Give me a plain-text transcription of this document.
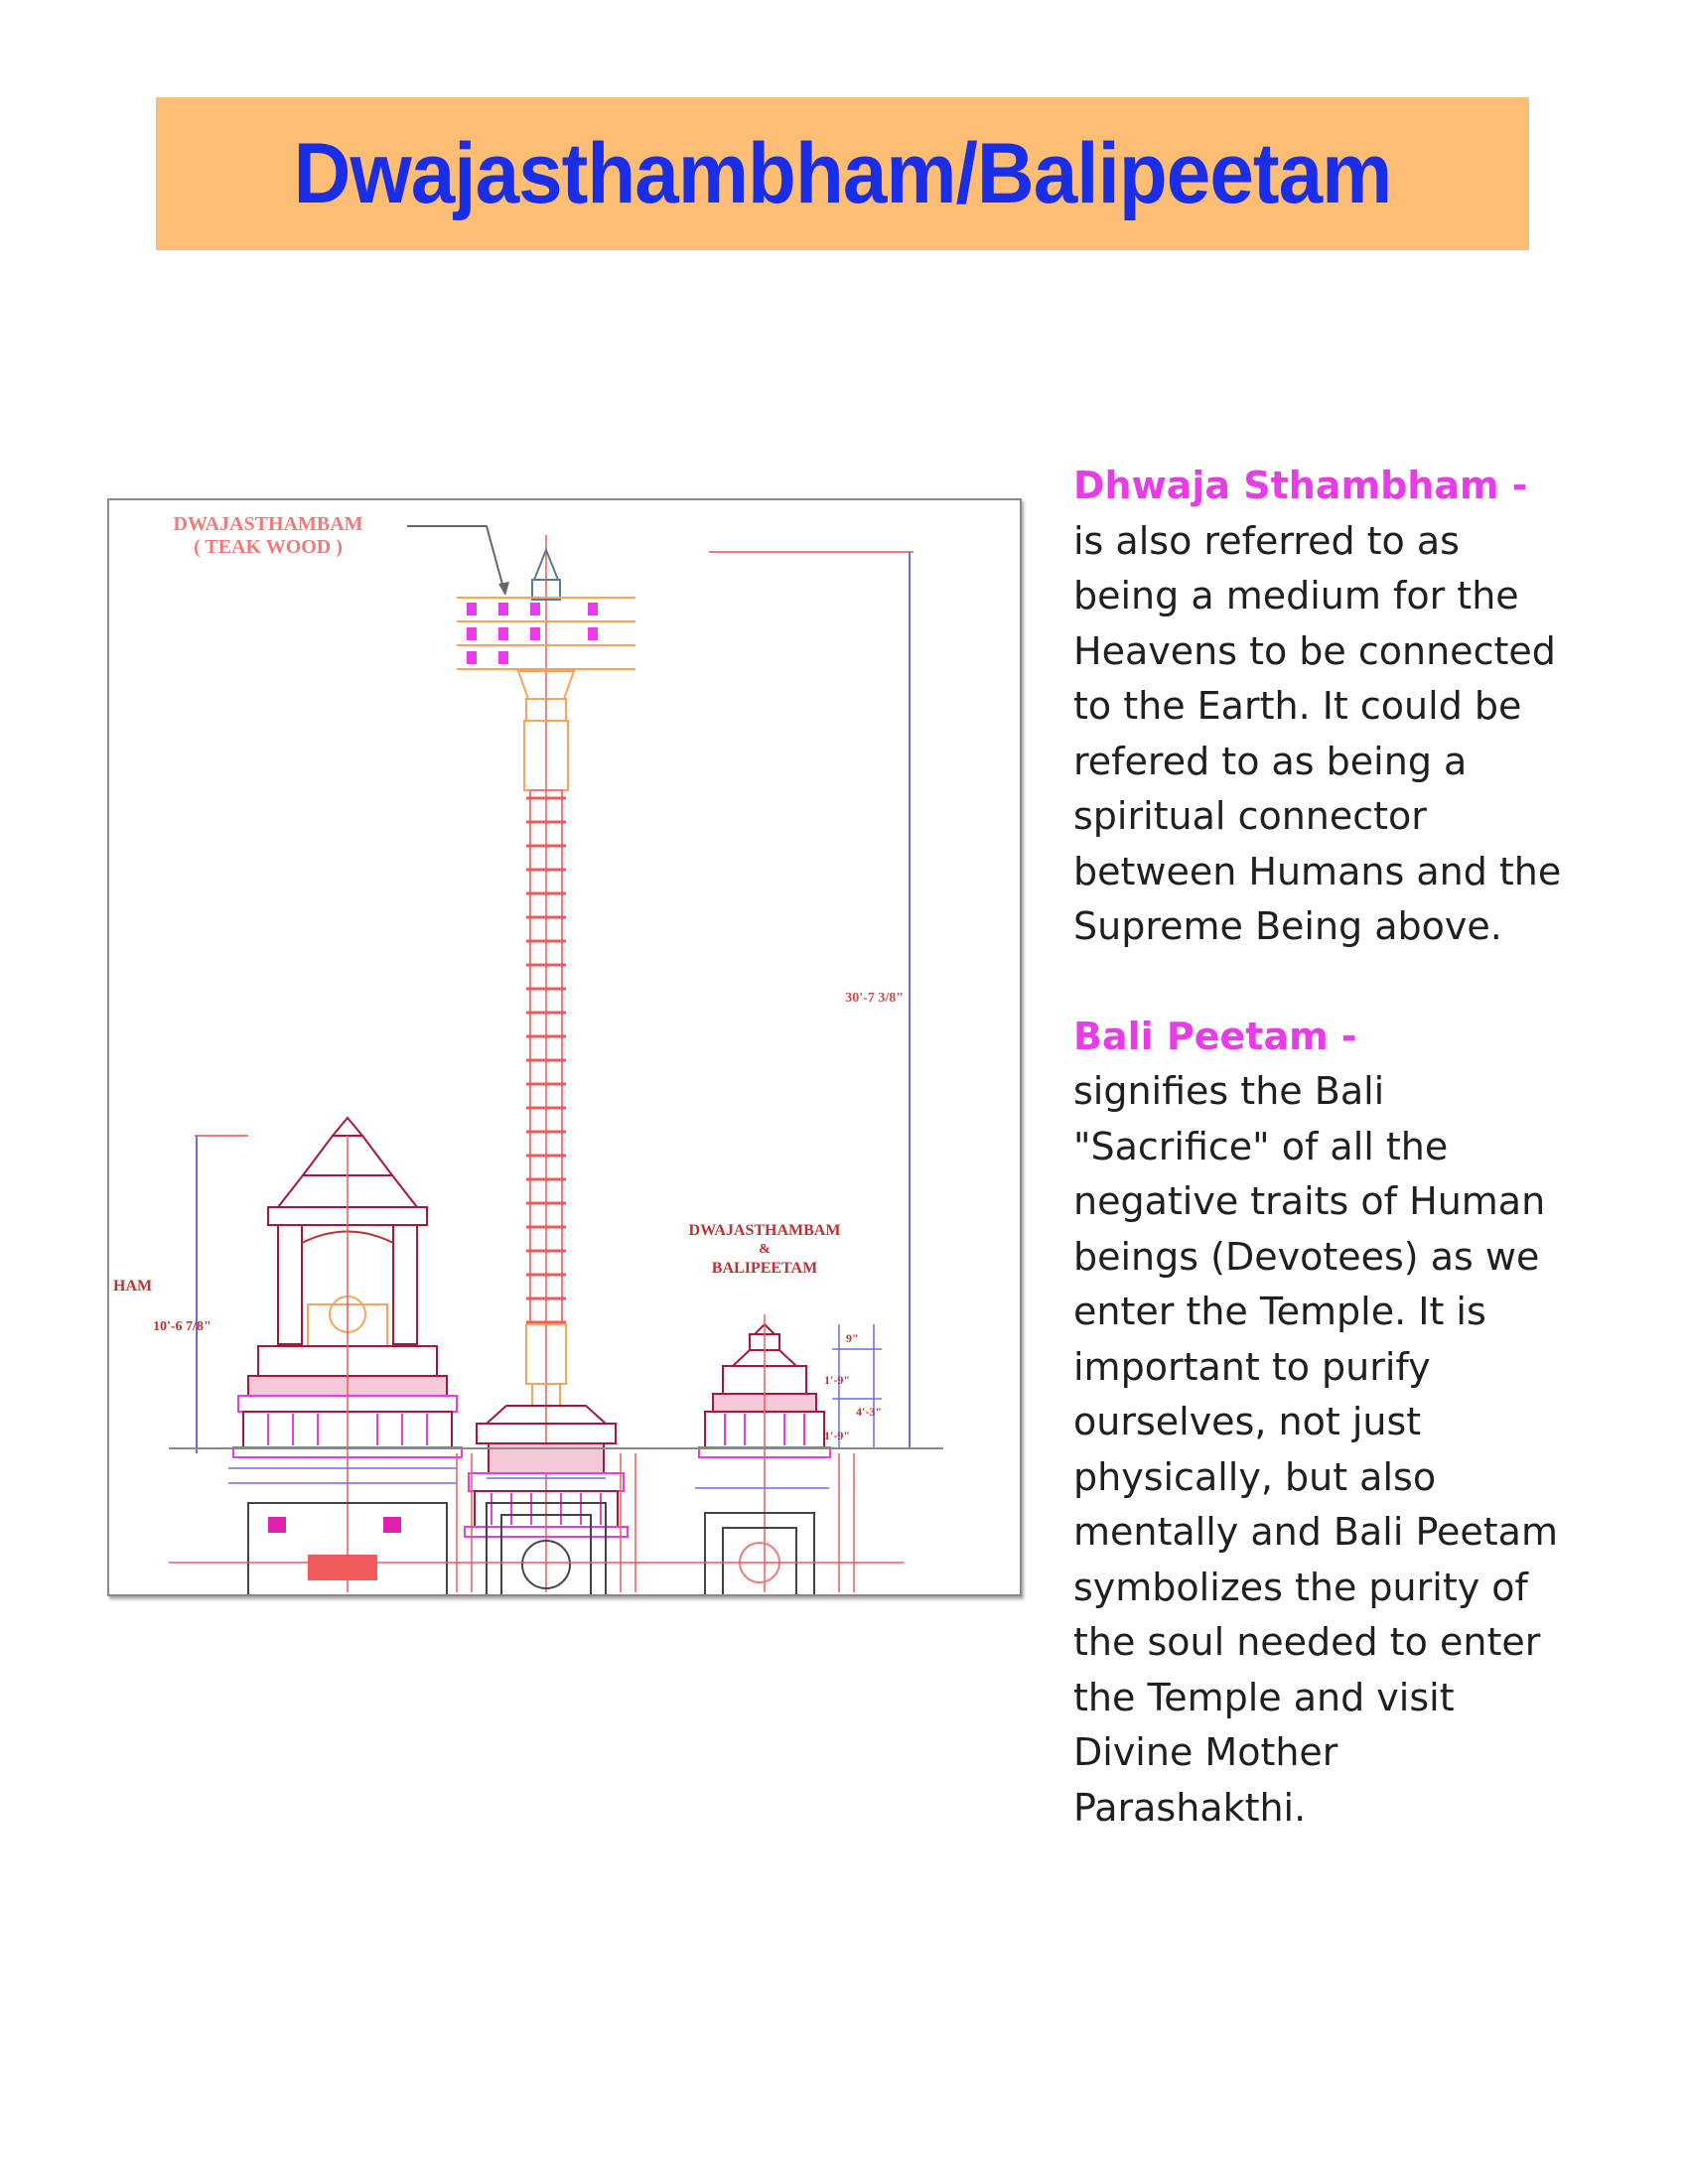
Dwajasthambham/Balipeetam
DWAJASTHAMBAM
( TEAK WOOD )
30'-7 3/8"
DWAJASTHAMBAM
&
BALIPEETAM
HAM
10'-6 7/8"
9"
1'-9"
4'-3"
1'-9"
Dhwaja Sthambham -

is also referred to as

being a medium for the

Heavens to be connected

to the Earth. It could be

refered to as being a

spiritual connector

between Humans and the

Supreme Being above.

Bali Peetam -

signifies the Bali

"Sacrifice" of all the

negative traits of Human

beings (Devotees) as we

enter the Temple. It is

important to purify

ourselves, not just

physically, but also

mentally and Bali Peetam

symbolizes the purity of

the soul needed to enter

the Temple and visit

Divine Mother

Parashakthi.
